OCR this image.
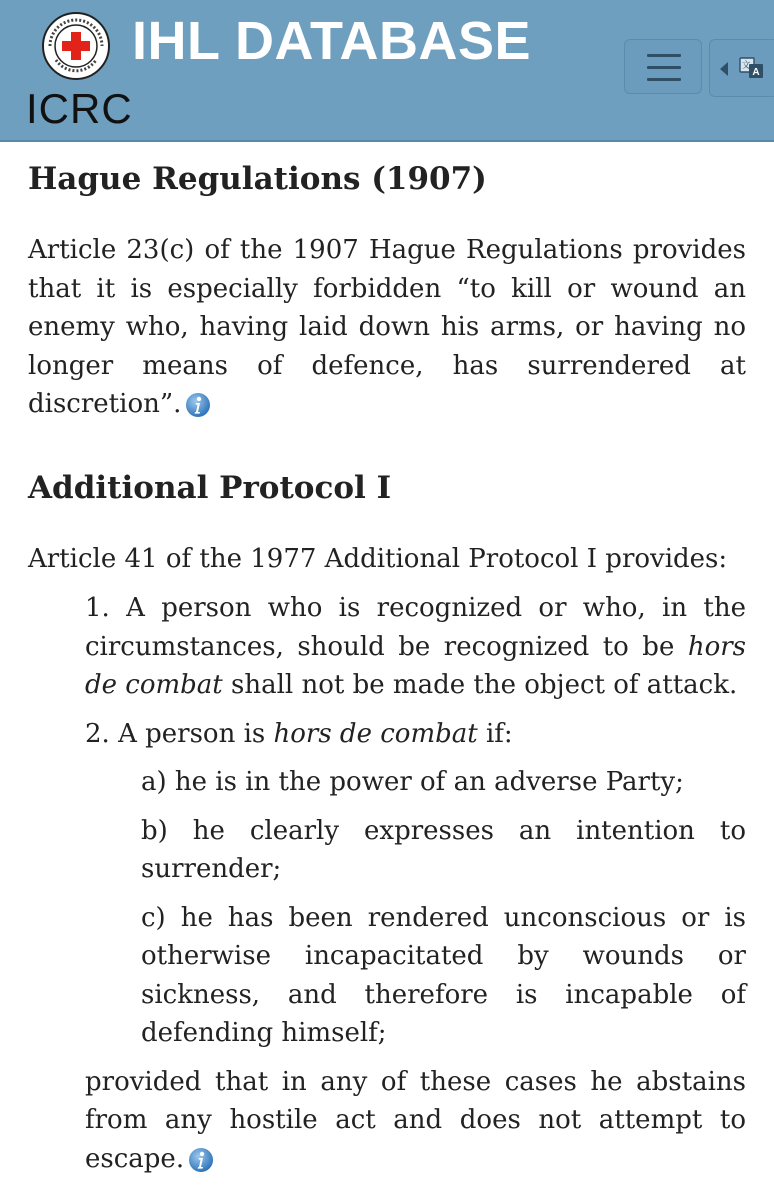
ICRC
IHL DATABASE
A
文
Hague Regulations (1907)

Article 23(c) of the 1907 Hague Regulations provides that it is especially forbidden “to kill or wound an enemy who, having laid down his arms, or having no longer means of defence, has surrendered at discretion”.

Additional Protocol I

Article 41 of the 1977 Additional Protocol I provides:

1. A person who is recognized or who, in the circumstances, should be recognized to be hors de combat shall not be made the object of attack.

2. A person is hors de combat if:

a) he is in the power of an adverse Party;

b) he clearly expresses an intention to surrender;

c) he has been rendered unconscious or is otherwise incapacitated by wounds or sickness, and therefore is incapable of defending himself;

provided that in any of these cases he abstains from any hostile act and does not attempt to escape.
